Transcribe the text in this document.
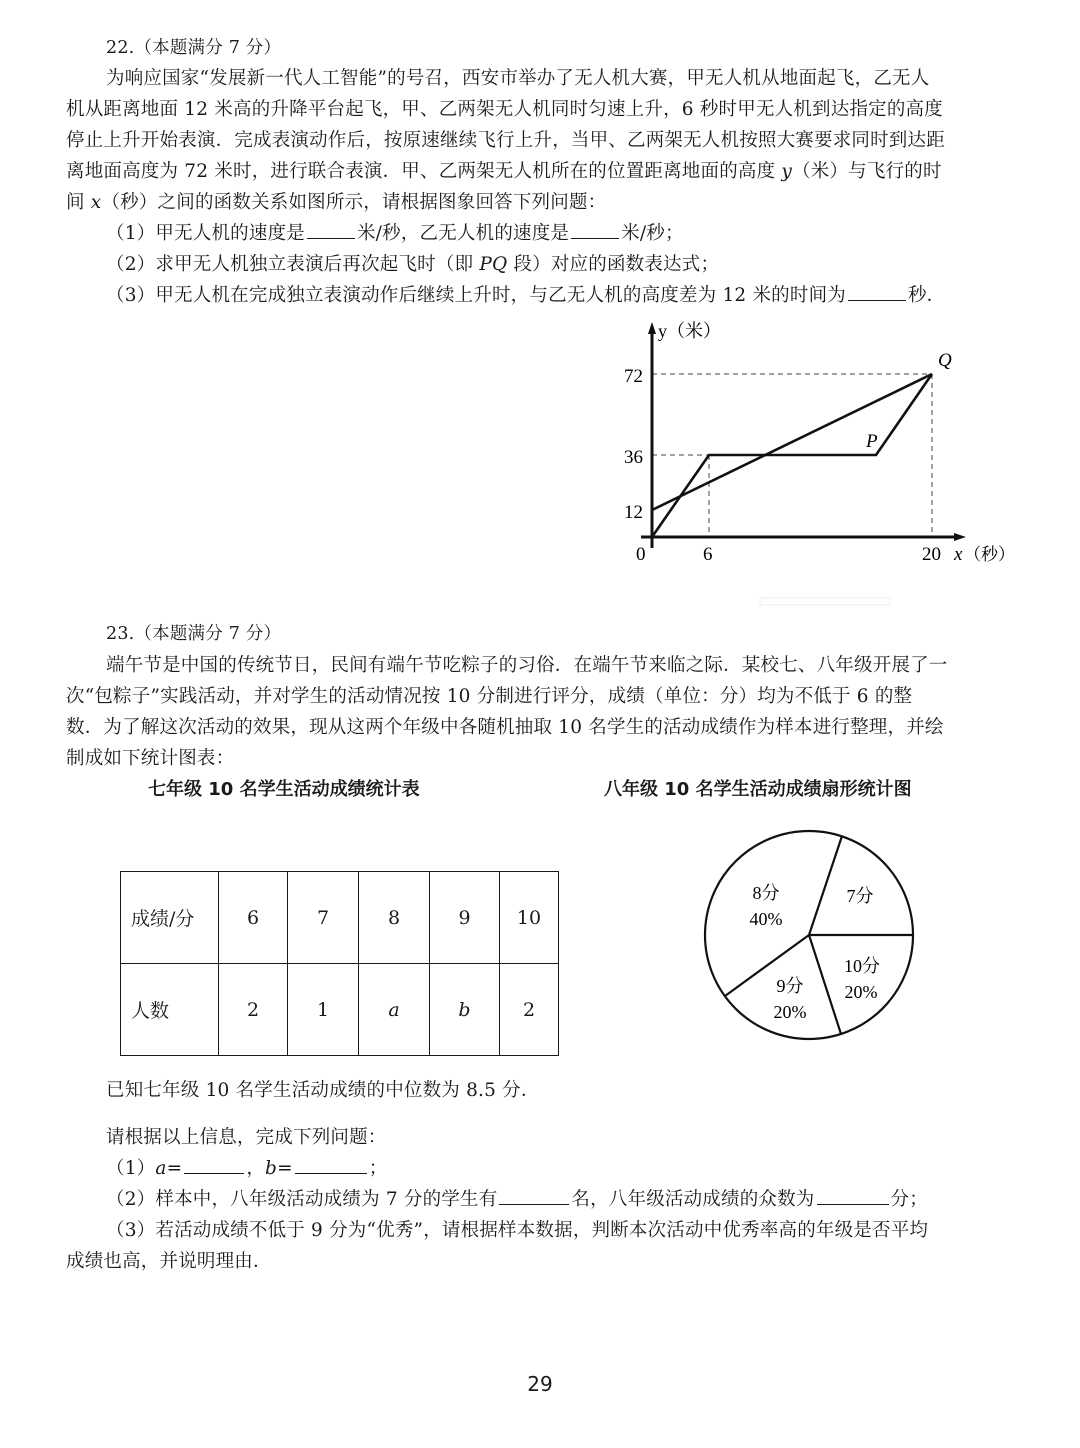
22.（本题满分 7 分）
为响应国家“发展新一代人工智能”的号召，西安市举办了无人机大赛，甲无人机从地面起飞，乙无人
机从距离地面 12 米高的升降平台起飞，甲、乙两架无人机同时匀速上升，6 秒时甲无人机到达指定的高度
停止上升开始表演．完成表演动作后，按原速继续飞行上升，当甲、乙两架无人机按照大赛要求同时到达距
离地面高度为 72 米时，进行联合表演．甲、乙两架无人机所在的位置距离地面的高度 y（米）与飞行的时
间 x（秒）之间的函数关系如图所示，请根据图象回答下列问题：
（1）甲无人机的速度是	米/秒，乙无人机的速度是	米/秒；
（2）求甲无人机独立表演后再次起飞时（即 PQ 段）对应的函数表达式；
（3）甲无人机在完成独立表演动作后继续上升时，与乙无人机的高度差为 12 米的时间为	秒．
y（米）
72
36
12
0	6	20 x （秒）
P
Q
23.（本题满分 7 分）
端午节是中国的传统节日，民间有端午节吃粽子的习俗．在端午节来临之际．某校七、八年级开展了一
次“包粽子”实践活动，并对学生的活动情况按 10 分制进行评分，成绩（单位：分）均为不低于 6 的整
数．为了解这次活动的效果，现从这两个年级中各随机抽取 10 名学生的活动成绩作为样本进行整理，并绘
制成如下统计图表：
七年级 10 名学生活动成绩统计表	八年级 10 名学生活动成绩扇形统计图
成绩/分	6	7	8	9	10
人数	2	1	a	b	2
7分
8分
40%
9分
20%
10分
20%
已知七年级 10 名学生活动成绩的中位数为 8.5 分．
请根据以上信息，完成下列问题：
（1）a=	，b=	；
（2）样本中，八年级活动成绩为 7 分的学生有	名，八年级活动成绩的众数为	分；
（3）若活动成绩不低于 9 分为“优秀”，请根据样本数据，判断本次活动中优秀率高的年级是否平均
成绩也高，并说明理由．
29
